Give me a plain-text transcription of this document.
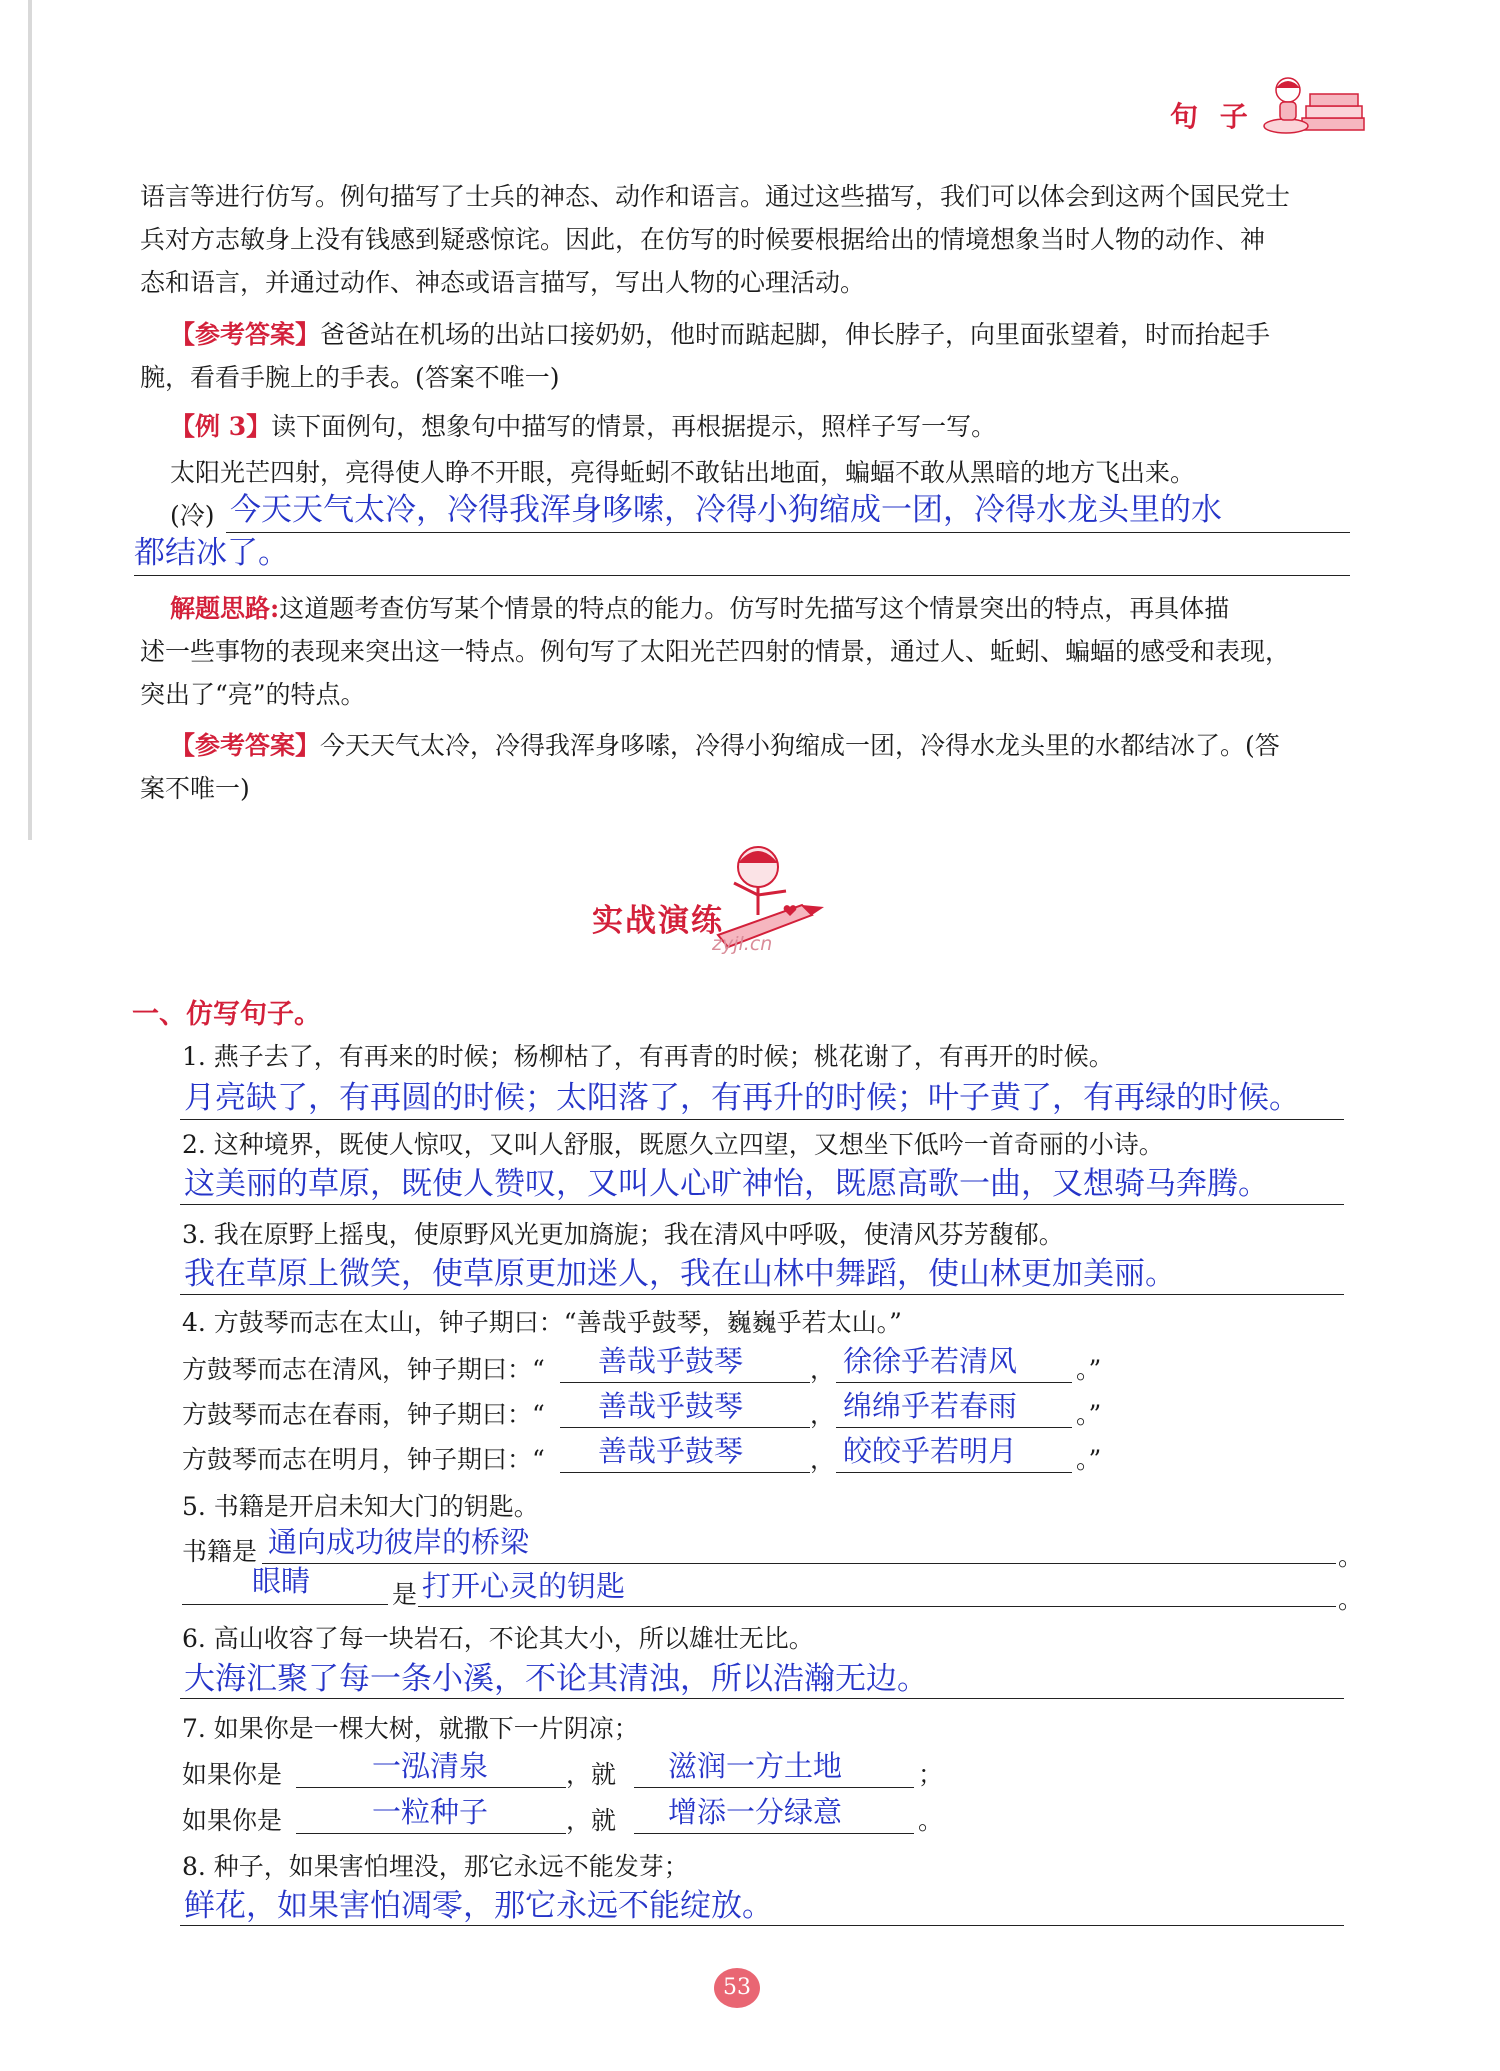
句 子
语言等进行仿写。例句描写了士兵的神态、动作和语言。通过这些描写，我们可以体会到这两个国民党士
兵对方志敏身上没有钱感到疑惑惊诧。因此，在仿写的时候要根据给出的情境想象当时人物的动作、神
态和语言，并通过动作、神态或语言描写，写出人物的心理活动。
【参考答案】爸爸站在机场的出站口接奶奶，他时而踮起脚，伸长脖子，向里面张望着，时而抬起手
腕，看看手腕上的手表。(答案不唯一)
【例 3】读下面例句，想象句中描写的情景，再根据提示，照样子写一写。
太阳光芒四射，亮得使人睁不开眼，亮得蚯蚓不敢钻出地面，蝙蝠不敢从黑暗的地方飞出来。
(冷) 今天天气太冷，冷得我浑身哆嗦，冷得小狗缩成一团，冷得水龙头里的水
都结冰了。
解题思路:这道题考查仿写某个情景的特点的能力。仿写时先描写这个情景突出的特点，再具体描
述一些事物的表现来突出这一特点。例句写了太阳光芒四射的情景，通过人、蚯蚓、蝙蝠的感受和表现，
突出了“亮”的特点。
【参考答案】今天天气太冷，冷得我浑身哆嗦，冷得小狗缩成一团，冷得水龙头里的水都结冰了。(答
案不唯一)
实战演练
zyjl.cn
一、仿写句子。
1. 燕子去了，有再来的时候；杨柳枯了，有再青的时候；桃花谢了，有再开的时候。
月亮缺了，有再圆的时候；太阳落了，有再升的时候；叶子黄了，有再绿的时候。
2. 这种境界，既使人惊叹，又叫人舒服，既愿久立四望，又想坐下低吟一首奇丽的小诗。
这美丽的草原，既使人赞叹，又叫人心旷神怡，既愿高歌一曲，又想骑马奔腾。
3. 我在原野上摇曳，使原野风光更加旖旎；我在清风中呼吸，使清风芬芳馥郁。
我在草原上微笑，使草原更加迷人，我在山林中舞蹈，使山林更加美丽。
4. 方鼓琴而志在太山，钟子期曰：“善哉乎鼓琴，巍巍乎若太山。”
方鼓琴而志在清风，钟子期曰：“ 善哉乎鼓琴	， 徐徐乎若清风 。”
方鼓琴而志在春雨，钟子期曰：“ 善哉乎鼓琴	， 绵绵乎若春雨 。”
方鼓琴而志在明月，钟子期曰：“ 善哉乎鼓琴	， 皎皎乎若明月 。”
5. 书籍是开启未知大门的钥匙。
书籍是 通向成功彼岸的桥梁	。
眼睛	是 打开心灵的钥匙	。
6. 高山收容了每一块岩石，不论其大小，所以雄壮无比。
大海汇聚了每一条小溪，不论其清浊，所以浩瀚无边。
7. 如果你是一棵大树，就撒下一片阴凉；
如果你是	一泓清泉	，就 滋润一方土地	；
如果你是	一粒种子	，就 增添一分绿意	。
8. 种子，如果害怕埋没，那它永远不能发芽；
鲜花，如果害怕凋零，那它永远不能绽放。
53
